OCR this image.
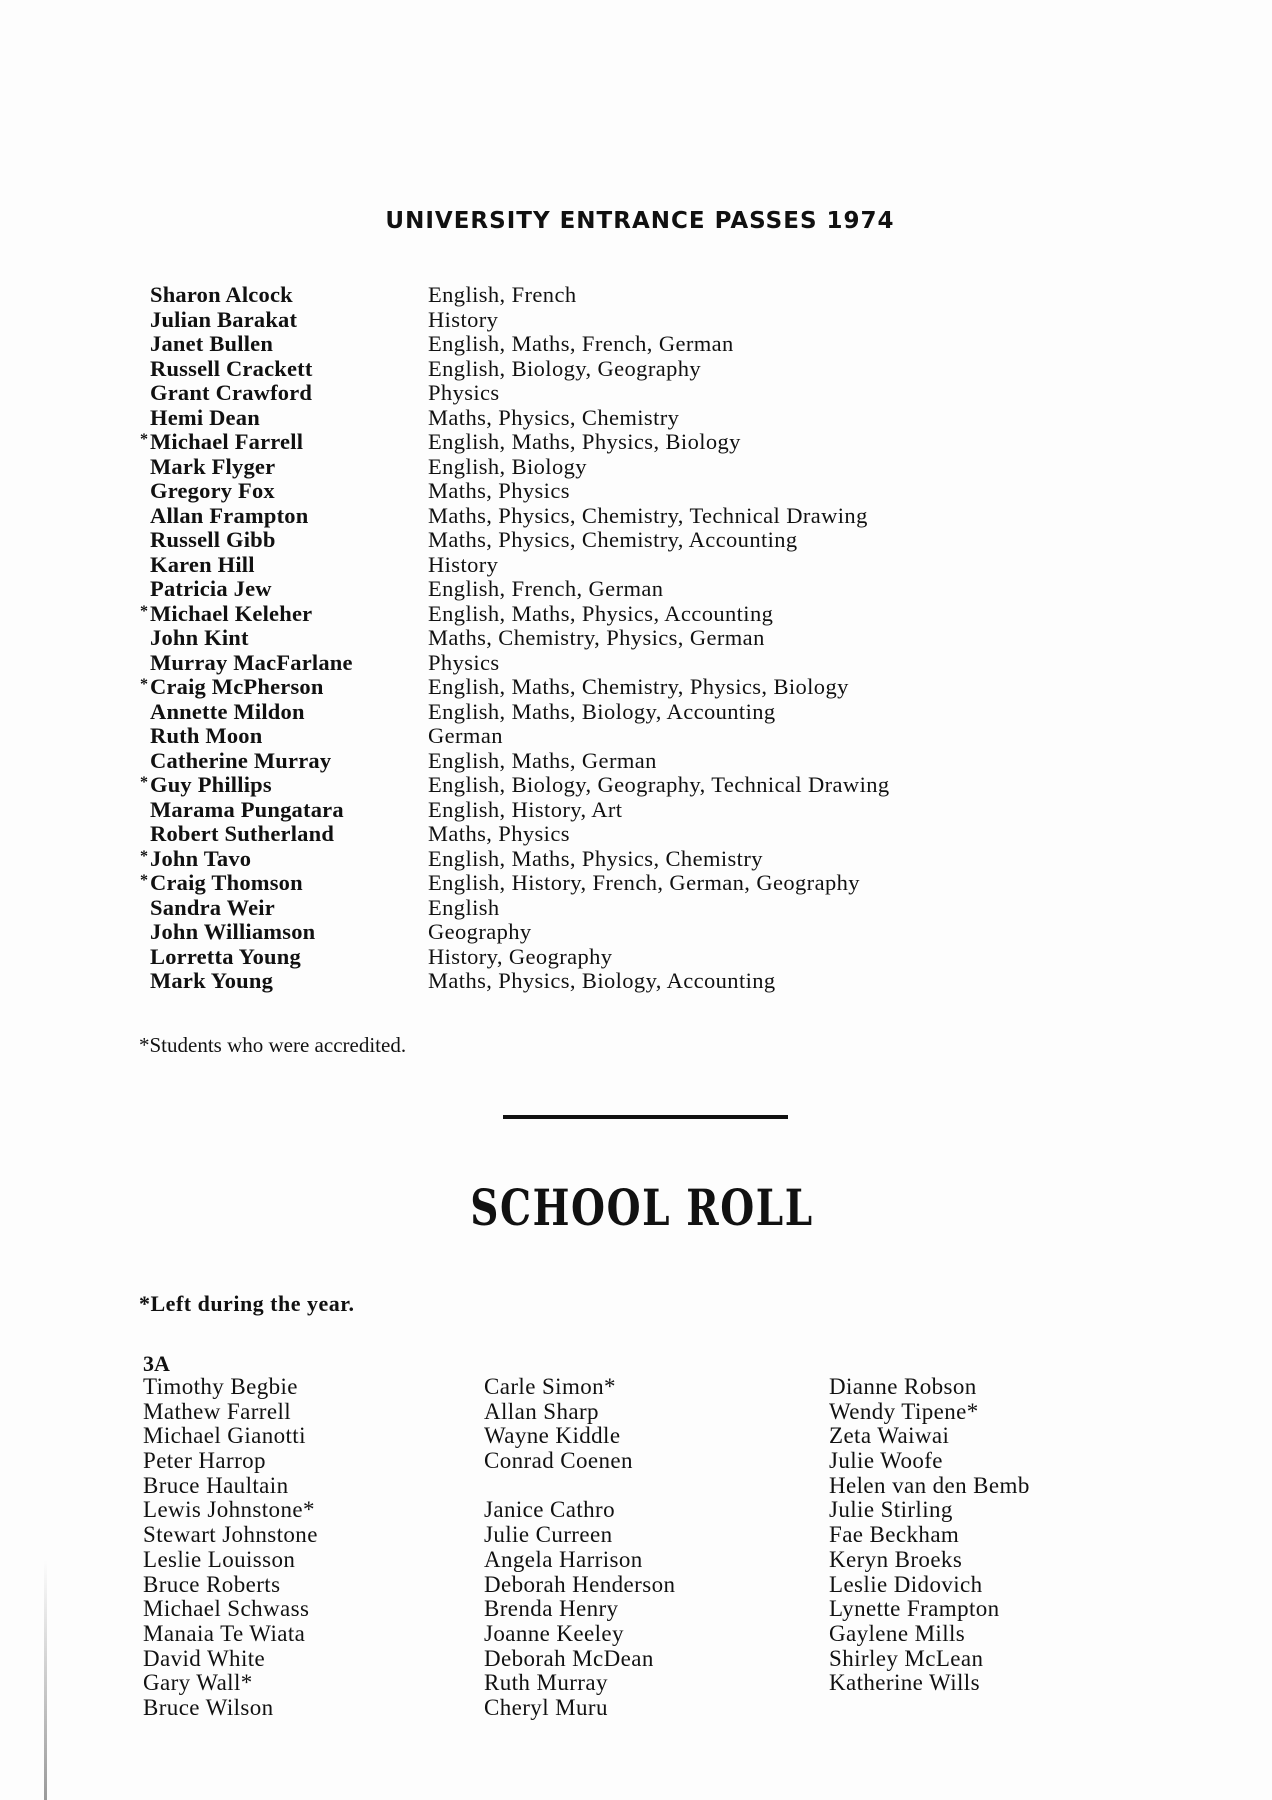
UNIVERSITY ENTRANCE PASSES 1974
Sharon Alcock	English, French
Julian Barakat	History
Janet Bullen	English, Maths, French, German
Russell Crackett	English, Biology, Geography
Grant Crawford	Physics
Hemi Dean	Maths, Physics, Chemistry
* Michael Farrell	English, Maths, Physics, Biology
Mark Flyger	English, Biology
Gregory Fox	Maths, Physics
Allan Frampton	Maths, Physics, Chemistry, Technical Drawing
Russell Gibb	Maths, Physics, Chemistry, Accounting
Karen Hill	History
Patricia Jew	English, French, German
* Michael Keleher	English, Maths, Physics, Accounting
John Kint	Maths, Chemistry, Physics, German
Murray MacFarlane	Physics
* Craig McPherson	English, Maths, Chemistry, Physics, Biology
Annette Mildon	English, Maths, Biology, Accounting
Ruth Moon	German
Catherine Murray	English, Maths, German
* Guy Phillips	English, Biology, Geography, Technical Drawing
Marama Pungatara	English, History, Art
Robert Sutherland	Maths, Physics
* John Tavo	English, Maths, Physics, Chemistry
* Craig Thomson	English, History, French, German, Geography
Sandra Weir	English
John Williamson	Geography
Lorretta Young	History, Geography
Mark Young	Maths, Physics, Biology, Accounting
*Students who were accredited.
SCHOOL ROLL
*Left during the year.
3A
Timothy Begbie
Mathew Farrell
Michael Gianotti
Peter Harrop
Bruce Haultain
Lewis Johnstone*
Stewart Johnstone
Leslie Louisson
Bruce Roberts
Michael Schwass
Manaia Te Wiata
David White
Gary Wall*
Bruce Wilson
Carle Simon*
Allan Sharp
Wayne Kiddle
Conrad Coenen
Janice Cathro
Julie Curreen
Angela Harrison
Deborah Henderson
Brenda Henry
Joanne Keeley
Deborah McDean
Ruth Murray
Cheryl Muru
Dianne Robson
Wendy Tipene*
Zeta Waiwai
Julie Woofe
Helen van den Bemb
Julie Stirling
Fae Beckham
Keryn Broeks
Leslie Didovich
Lynette Frampton
Gaylene Mills
Shirley McLean
Katherine Wills
